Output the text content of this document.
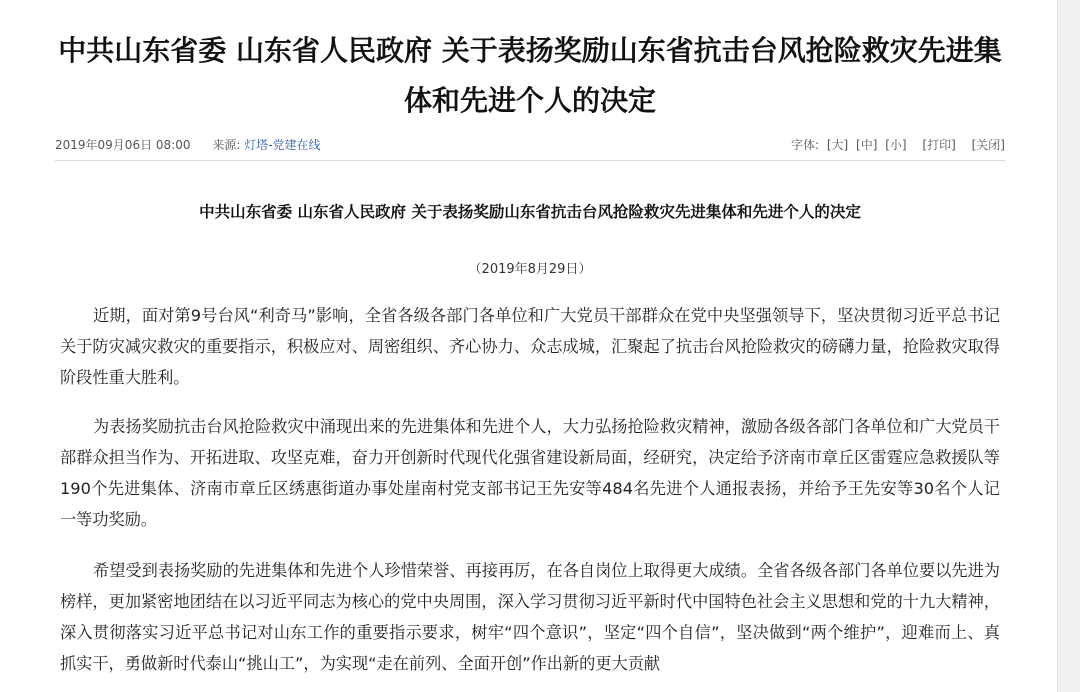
中共山东省委 山东省人民政府 关于表扬奖励山东省抗击台风抢险救灾先进集体和先进个人的决定
2019年09月06日 08:00 来源: 灯塔-党建在线	字体: [大] [中] [小] [打印] [关闭]
中共山东省委 山东省人民政府 关于表扬奖励山东省抗击台风抢险救灾先进集体和先进个人的决定
（2019年8月29日）

近期，面对第9号台风“利奇马”影响，全省各级各部门各单位和广大党员干部群众在党中央坚强领导下，坚决贯彻习近平总书记关于防灾减灾救灾的重要指示，积极应对、周密组织、齐心协力、众志成城，汇聚起了抗击台风抢险救灾的磅礴力量，抢险救灾取得阶段性重大胜利。

为表扬奖励抗击台风抢险救灾中涌现出来的先进集体和先进个人，大力弘扬抢险救灾精神，激励各级各部门各单位和广大党员干部群众担当作为、开拓进取、攻坚克难，奋力开创新时代现代化强省建设新局面，经研究，决定给予济南市章丘区雷霆应急救援队等190个先进集体、济南市章丘区绣惠街道办事处崖南村党支部书记王先安等484名先进个人通报表扬，并给予王先安等30名个人记一等功奖励。

希望受到表扬奖励的先进集体和先进个人珍惜荣誉、再接再厉，在各自岗位上取得更大成绩。全省各级各部门各单位要以先进为榜样，更加紧密地团结在以习近平同志为核心的党中央周围，深入学习贯彻习近平新时代中国特色社会主义思想和党的十九大精神，深入贯彻落实习近平总书记对山东工作的重要指示要求，树牢“四个意识”，坚定“四个自信”，坚决做到“两个维护”，迎难而上、真抓实干，勇做新时代泰山“挑山工”，为实现“走在前列、全面开创”作出新的更大贡献
